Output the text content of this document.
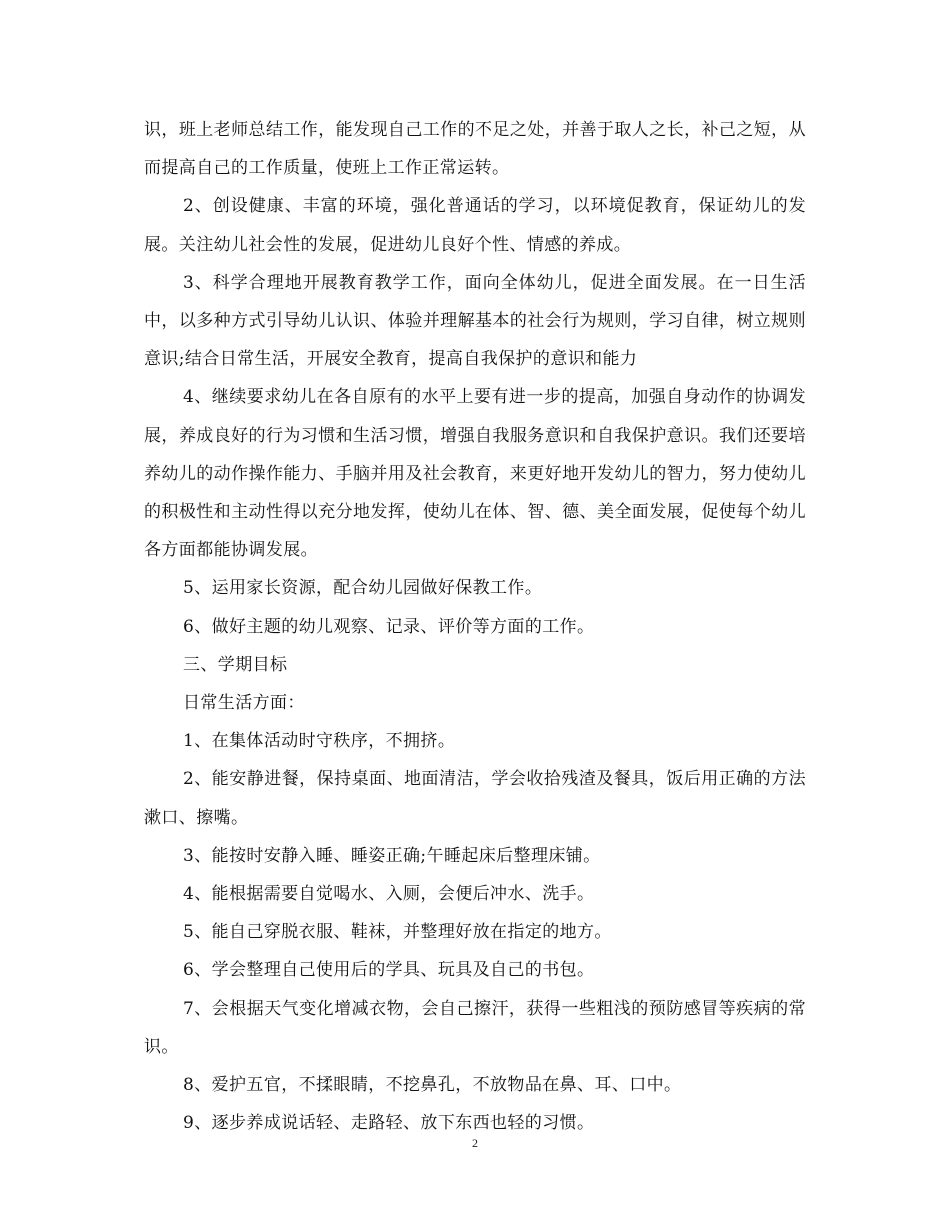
识，班上老师总结工作，能发现自己工作的不足之处，并善于取人之长，补己之短，从而提高自己的工作质量，使班上工作正常运转。

2、创设健康、丰富的环境，强化普通话的学习，以环境促教育，保证幼儿的发展。关注幼儿社会性的发展，促进幼儿良好个性、情感的养成。

3、科学合理地开展教育教学工作，面向全体幼儿，促进全面发展。在一日生活中，以多种方式引导幼儿认识、体验并理解基本的社会行为规则，学习自律，树立规则意识;结合日常生活，开展安全教育，提高自我保护的意识和能力

4、继续要求幼儿在各自原有的水平上要有进一步的提高，加强自身动作的协调发展，养成良好的行为习惯和生活习惯，增强自我服务意识和自我保护意识。我们还要培养幼儿的动作操作能力、手脑并用及社会教育，来更好地开发幼儿的智力，努力使幼儿的积极性和主动性得以充分地发挥，使幼儿在体、智、德、美全面发展，促使每个幼儿各方面都能协调发展。

5、运用家长资源，配合幼儿园做好保教工作。

6、做好主题的幼儿观察、记录、评价等方面的工作。

三、学期目标

日常生活方面：

1、在集体活动时守秩序，不拥挤。

2、能安静进餐，保持桌面、地面清洁，学会收拾残渣及餐具，饭后用正确的方法漱口、擦嘴。

3、能按时安静入睡、睡姿正确;午睡起床后整理床铺。

4、能根据需要自觉喝水、入厕，会便后冲水、洗手。

5、能自己穿脱衣服、鞋袜，并整理好放在指定的地方。

6、学会整理自己使用后的学具、玩具及自己的书包。

7、会根据天气变化增减衣物，会自己擦汗，获得一些粗浅的预防感冒等疾病的常识。

8、爱护五官，不揉眼睛，不挖鼻孔，不放物品在鼻、耳、口中。

9、逐步养成说话轻、走路轻、放下东西也轻的习惯。

2
